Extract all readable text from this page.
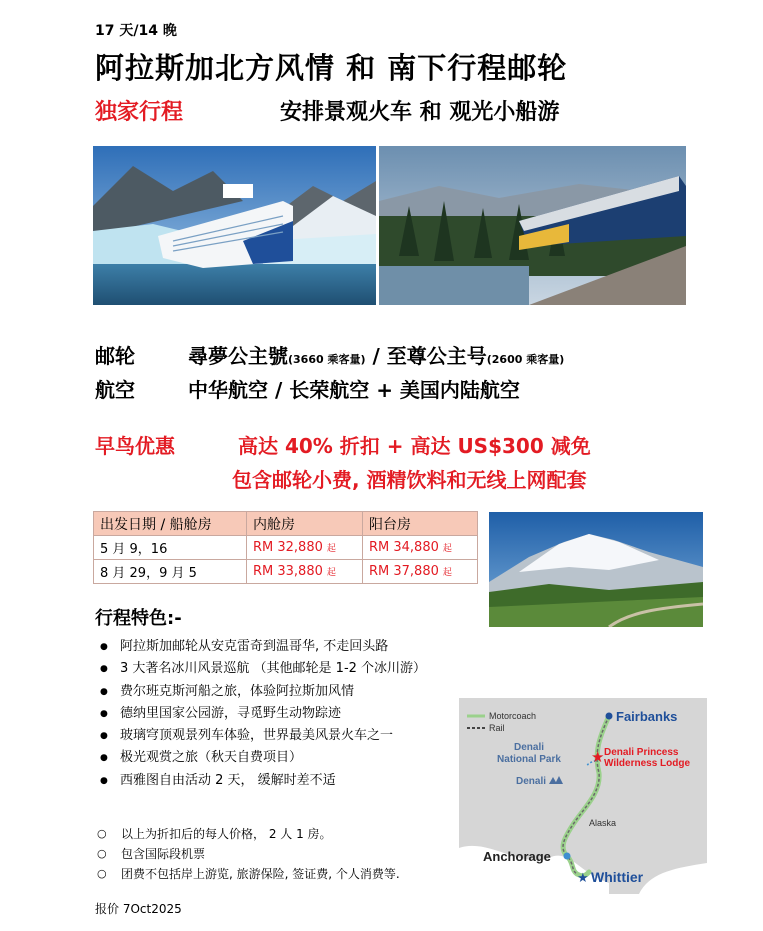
17 天/14 晚
阿拉斯加北方风情 和 南下行程邮轮
独家行程	安排景观火车 和 观光小船游
邮轮	尋夢公主號(3660 乘客量) / 至尊公主号(2600 乘客量)
航空	中华航空 / 长荣航空 + 美国内陆航空
早鸟优惠	高达 40% 折扣 + 高达 US$300 减免
包含邮轮小费, 酒精饮料和无线上网配套
出发日期 / 船舱房	内舱房	阳台房
5 月 9，16	RM 32,880 起	RM 34,880 起
8 月 29，9 月 5	RM 33,880 起	RM 37,880 起
行程特色:-
● 阿拉斯加邮轮从安克雷奇到温哥华, 不走回头路
● 3 大著名冰川风景巡航 （其他邮轮是 1-2 个冰川游）
● 费尔班克斯河船之旅，体验阿拉斯加风情
● 德纳里国家公园游，寻觅野生动物踪迹
● 玻璃穹顶观景列车体验，世界最美风景火车之一
● 极光观赏之旅（秋天自费项目）
● 西雅图自由活动 2 天， 缓解时差不适
Motorcoach
Rail
Fairbanks
Denali National Park
Denali
★ Denali Princess Wilderness Lodge
Alaska
Anchorage
★ Whittier
○ 以上为折扣后的每人价格， 2 人 1 房。
○ 包含国际段机票
○ 团费不包括岸上游览, 旅游保险, 签证费, 个人消费等.
报价 7Oct2025
